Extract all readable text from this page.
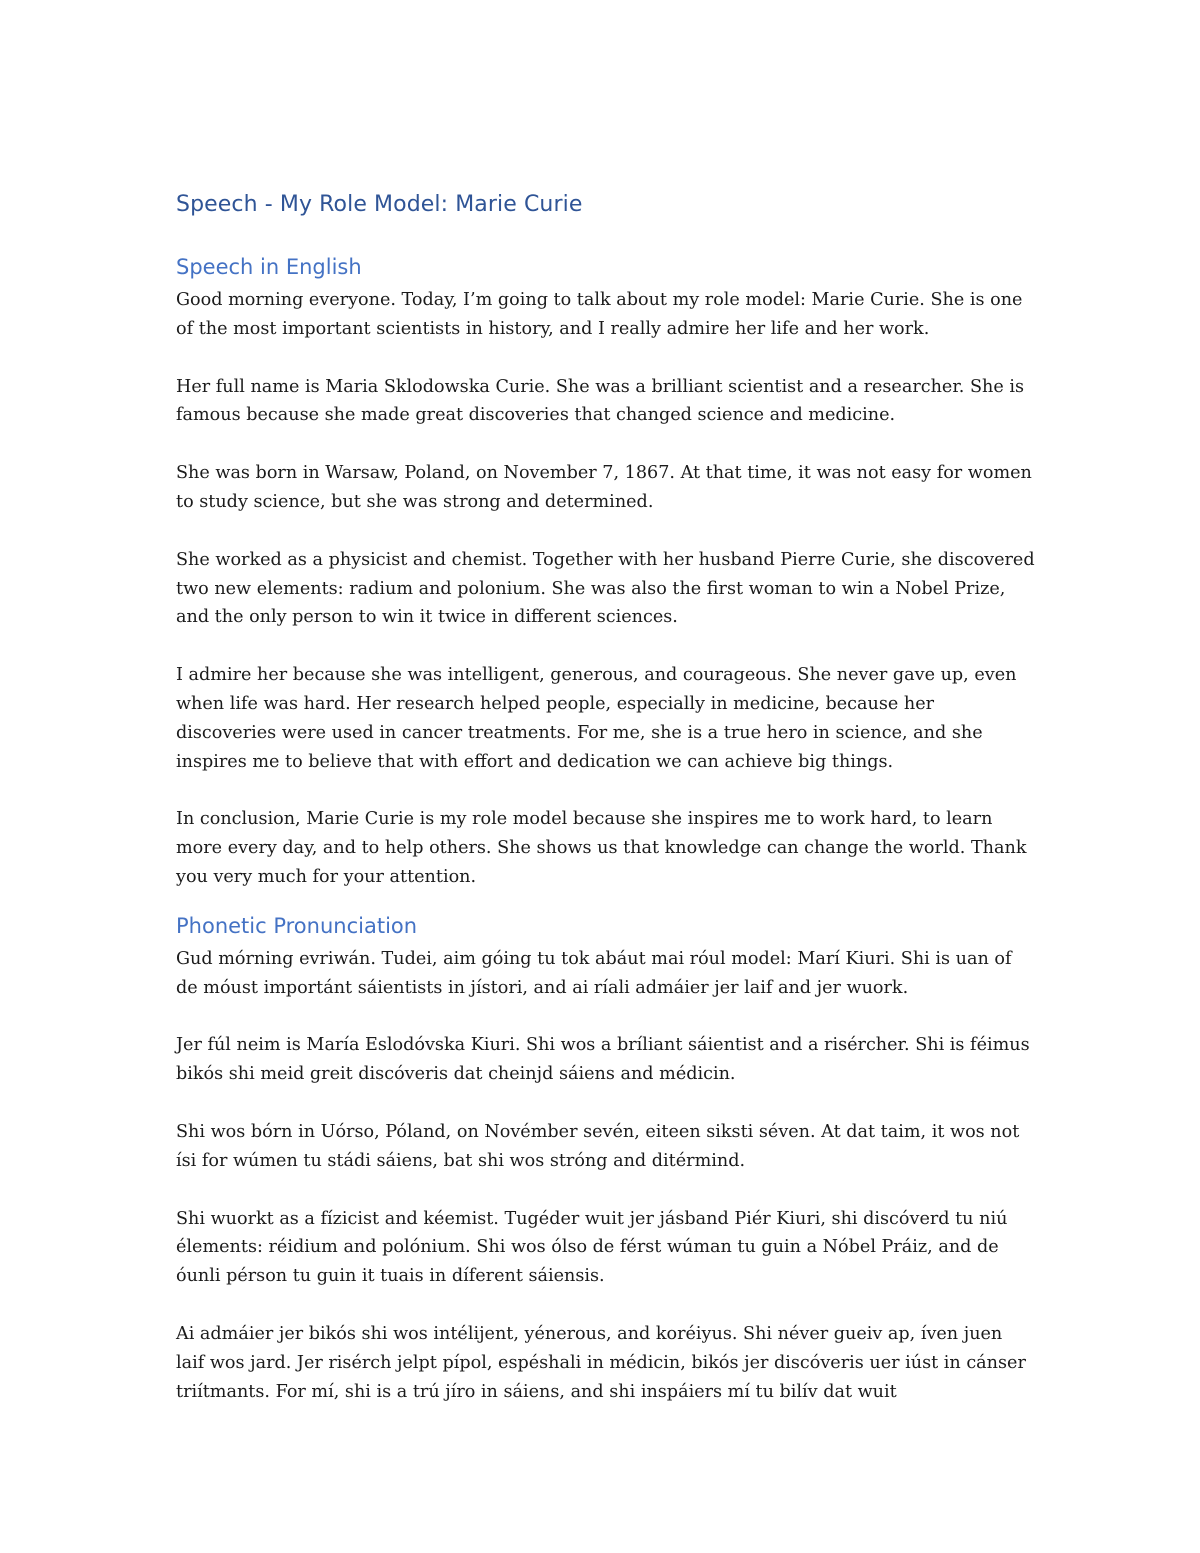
Speech - My Role Model: Marie Curie
Speech in English

Good morning everyone. Today, I’m going to talk about my role model: Marie Curie. She is one of the most important scientists in history, and I really admire her life and her work.

Her full name is Maria Sklodowska Curie. She was a brilliant scientist and a researcher. She is famous because she made great discoveries that changed science and medicine.

She was born in Warsaw, Poland, on November 7, 1867. At that time, it was not easy for women to study science, but she was strong and determined.

She worked as a physicist and chemist. Together with her husband Pierre Curie, she discovered two new elements: radium and polonium. She was also the first woman to win a Nobel Prize, and the only person to win it twice in different sciences.

I admire her because she was intelligent, generous, and courageous. She never gave up, even when life was hard. Her research helped people, especially in medicine, because her discoveries were used in cancer treatments. For me, she is a true hero in science, and she inspires me to believe that with effort and dedication we can achieve big things.

In conclusion, Marie Curie is my role model because she inspires me to work hard, to learn more every day, and to help others. She shows us that knowledge can change the world. Thank you very much for your attention.

Phonetic Pronunciation

Gud mórning evriwán. Tudei, aim góing tu tok abáut mai róul model: Marí Kiuri. Shi is uan of de móust importánt sáientists in jístori, and ai ríali admáier jer laif and jer wuork.

Jer fúl neim is María Eslodóvska Kiuri. Shi wos a bríliant sáientist and a risércher. Shi is féimus bikós shi meid greit discóveris dat cheinjd sáiens and médicin.

Shi wos bórn in Uórso, Póland, on Novémber sevén, eiteen siksti séven. At dat taim, it wos not ísi for wúmen tu stádi sáiens, bat shi wos stróng and ditérmind.

Shi wuorkt as a fízicist and kéemist. Tugéder wuit jer jásband Piér Kiuri, shi discóverd tu niú élements: réidium and polónium. Shi wos ólso de férst wúman tu guin a Nóbel Práiz, and de óunli pérson tu guin it tuais in díferent sáiensis.

Ai admáier jer bikós shi wos intélijent, yénerous, and koréiyus. Shi néver gueiv ap, íven juen laif wos jard. Jer risérch jelpt pípol, espéshali in médicin, bikós jer discóveris uer iúst in cánser triítmants. For mí, shi is a trú jíro in sáiens, and shi inspáiers mí tu bilív dat wuit
